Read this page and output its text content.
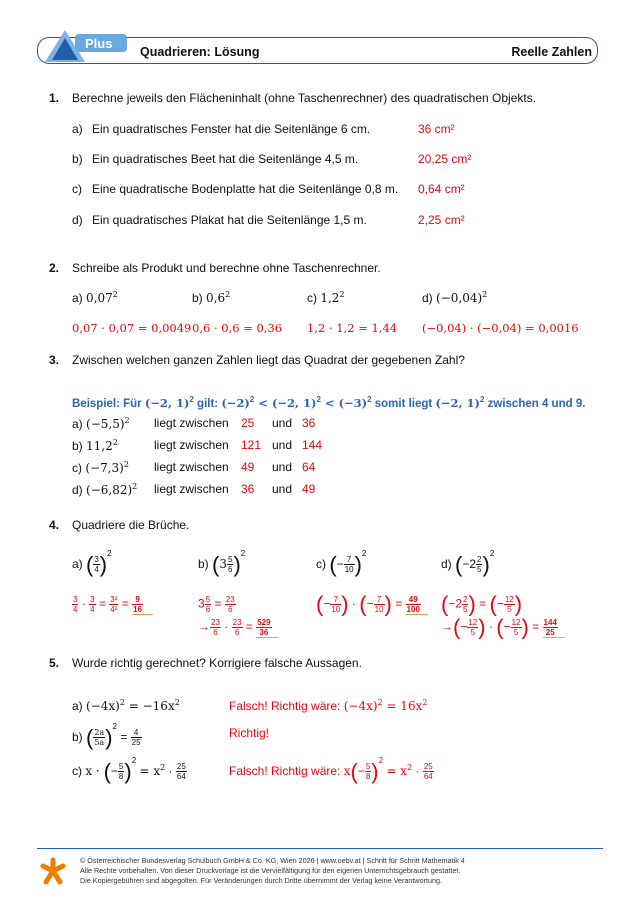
Plus
Quadrieren: Lösung	Reelle Zahlen
1. Berechne jeweils den Flächeninhalt (ohne Taschenrechner) des quadratischen Objekts.
a) Ein quadratisches Fenster hat die Seitenlänge 6 cm.	36 cm²
b) Ein quadratisches Beet hat die Seitenlänge 4,5 m.	20,25 cm²
c) Eine quadratische Bodenplatte hat die Seitenlänge 0,8 m. 0,64 cm²
d) Ein quadratisches Plakat hat die Seitenlänge 1,5 m.	2,25 cm²
2. Schreibe als Produkt und berechne ohne Taschenrechner.
a) 0,07$^2$	b) $0,6^2$	c) $1,2^2$	d) $(-0,04)^2$
0,07 · 0,07 = 0,0049 0,6 · 0,6 = 0,36 1,2 · 1,2 = 1,44 (−0,04) · (−0,04) = 0,0016
3. Zwischen welchen ganzen Zahlen liegt das Quadrat der gegebenen Zahl?
Beispiel: Für (−2, 1)$^2$ gilt: $(-2)^2 < (-2$, $1)^2 < (-3)^2$ somit liegt (−2, 1)$^2$ zwischen 4 und 9.
a) $(-5,5)^2$ liegt zwischen 25 und 36
b) 11,2$^2$	liegt zwischen 121 und 144
c) $(-7,3)^2$ liegt zwischen 49 und 64
d) $(-6,82)^2$ liegt zwischen 36 und 49
4. Quadriere die Brüche.
a) ( $\frac{3}{4} )^2$
b) $(3 \frac{5}{6} )^2$
c) (− $\frac{7}{10} )^2$
d) $(-2 \frac{2}{5} )^2$
$\frac{3}{4} \cdot \frac{3}{4} = \frac{\text{3²}}{\text{4²}} = \frac{9}{16}$
	$3 \frac{5}{6} = \frac{23}{6}$
→ $\frac{23}{6} \cdot \frac{23}{6} = \frac{529}{36}$

(− $\frac{7}{10}$ ) · (− $\frac{7}{10}$ ) = $\frac{49}{100}$
($-2 \frac{2}{5}$ ) = (− $\frac{12}{5}$ )
→(− $\frac{12}{5}$ ) · (− $\frac{12}{5}$ ) = $\frac{144}{25}$

5. Wurde richtig gerechnet? Korrigiere falsche Aussagen.
a) $(-4x)^2 = -16x^2$	Falsch! Richtig wäre: $(-4x)^2 = 16x^2$
b) ( $\frac{2a}{5a} )^2 = \frac{4}{25}$	Richtig!
c) x · (− $\frac{5}{8} )^2 = x^2 \cdot \frac{25}{64}$	Falsch! Richtig wäre: $x(- \frac{5}{8} )^2 = x^2 \cdot \frac{25}{64}$
© Österreichischer Bundesverlag Schulbuch GmbH & Co. KG, Wien 2026 | www.oebv.at | Schritt für Schritt Mathematik 4
Alle Rechte vorbehalten. Von dieser Druckvorlage ist die Vervielfältigung für den eigenen Unterrichtsgebrauch gestattet.
Die Kopiergebühren sind abgegolten. Für Veränderungen durch Dritte übernimmt der Verlag keine Verantwortung.
